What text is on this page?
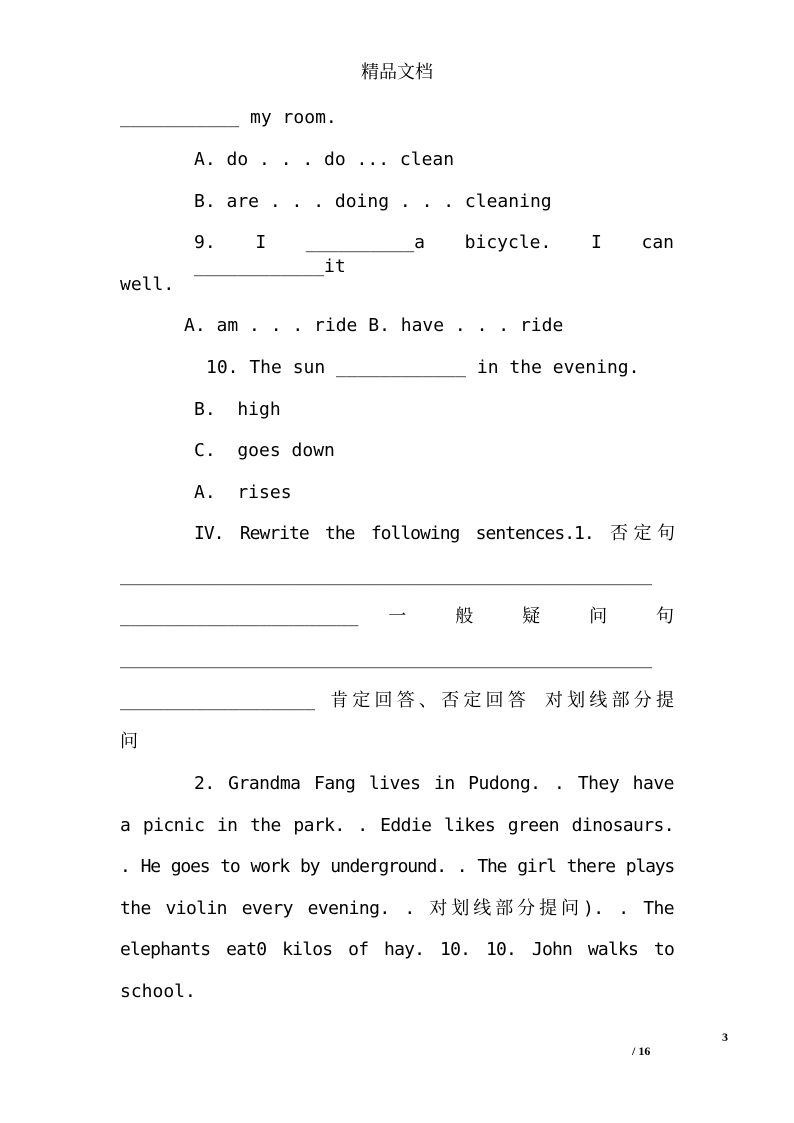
精品文档
___________ my room.
A. do . . . do ... clean
B. are . . . doing . . . cleaning
9. I __________a bicycle. I can ____________it
well.
A. am . . . ride B. have . . . ride
10. The sun ____________ in the evening.
B.  high
C.  goes down
A.  rises
IV. Rewrite the following sentences.1. 否定句
__________________________________________________
______________________ 一 般 疑 问 句
__________________________________________________
__________________ 肯定回答、否定回答 对划线部分提
问
2. Grandma Fang lives in Pudong. . They have
a picnic in the park. . Eddie likes green dinosaurs.
. He goes to work by underground. . The girl there plays
the violin every evening. . 对划线部分提问). . The
elephants eat0 kilos of hay. 10. 10. John walks to
school.
3
/ 16
